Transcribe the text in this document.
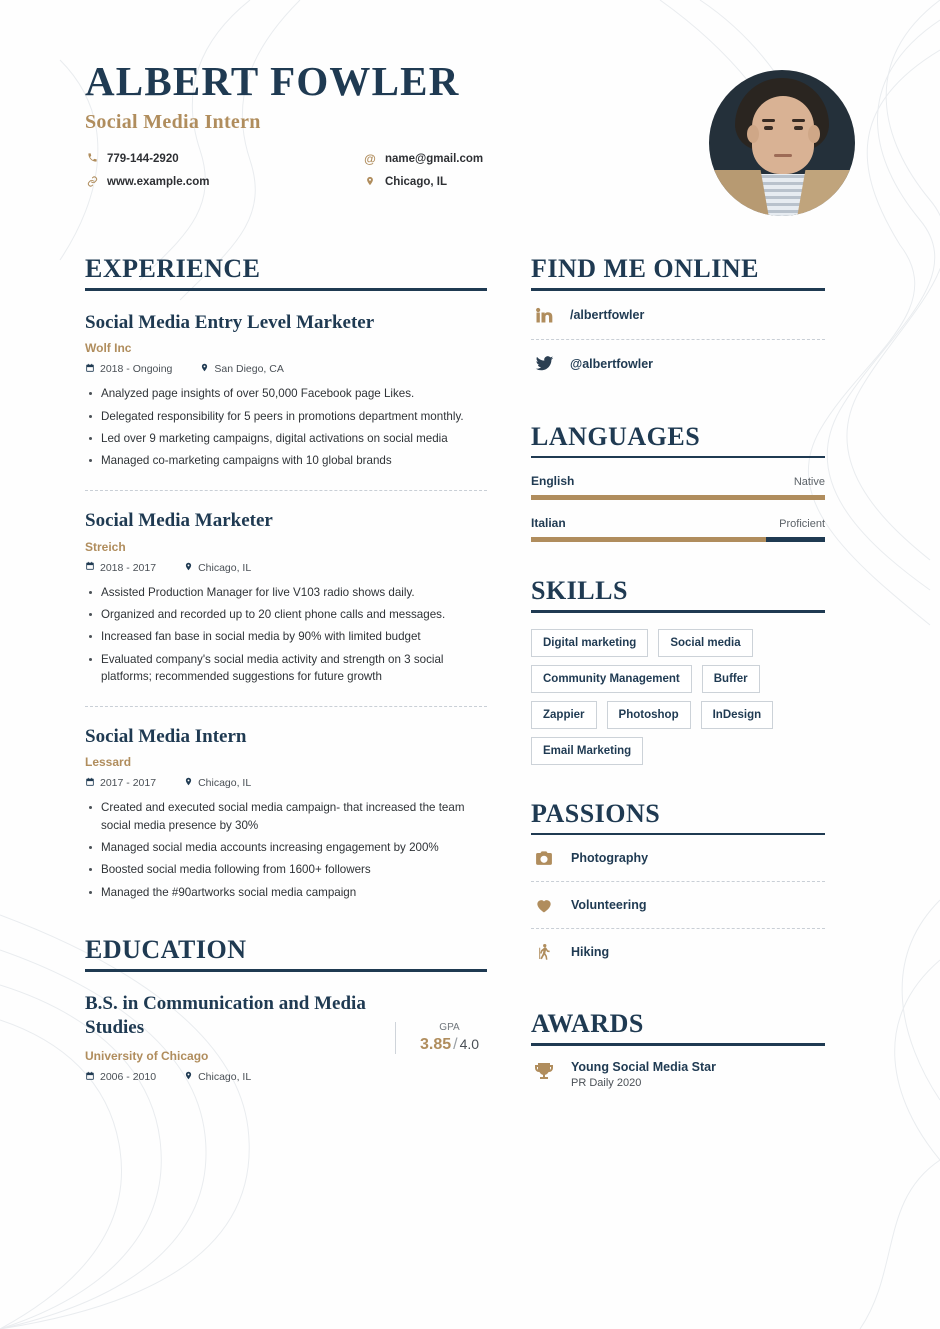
ALBERT FOWLER
Social Media Intern
779-144-2920	@ name@gmail.com
www.example.com	Chicago, IL
EXPERIENCE
Social Media Entry Level Marketer
Wolf Inc
2018 - Ongoing	San Diego, CA
Analyzed page insights of over 50,000 Facebook page Likes.
Delegated responsibility for 5 peers in promotions department monthly.
Led over 9 marketing campaigns, digital activations on social media
Managed co-marketing campaigns with 10 global brands
Social Media Marketer
Streich
2018 - 2017	Chicago, IL
Assisted Production Manager for live V103 radio shows daily.
Organized and recorded up to 20 client phone calls and messages.
Increased fan base in social media by 90% with limited budget
Evaluated company's social media activity and strength on 3 social platforms; recommended suggestions for future growth
Social Media Intern
Lessard
2017 - 2017	Chicago, IL
Created and executed social media campaign- that increased the team social media presence by 30%
Managed social media accounts increasing engagement by 200%
Boosted social media following from 1600+ followers
Managed the #90artworks social media campaign
EDUCATION
B.S. in Communication and Media Studies
University of Chicago
2006 - 2010	Chicago, IL
GPA
3.85 / 4.0
FIND ME ONLINE
/albertfowler
@albertfowler
LANGUAGES
English	Native
Italian	Proficient
SKILLS
Digital marketing	Social media
Community Management	Buffer
Zappier	Photoshop	InDesign
Email Marketing
PASSIONS
Photography
Volunteering
Hiking
AWARDS
Young Social Media Star
PR Daily 2020
